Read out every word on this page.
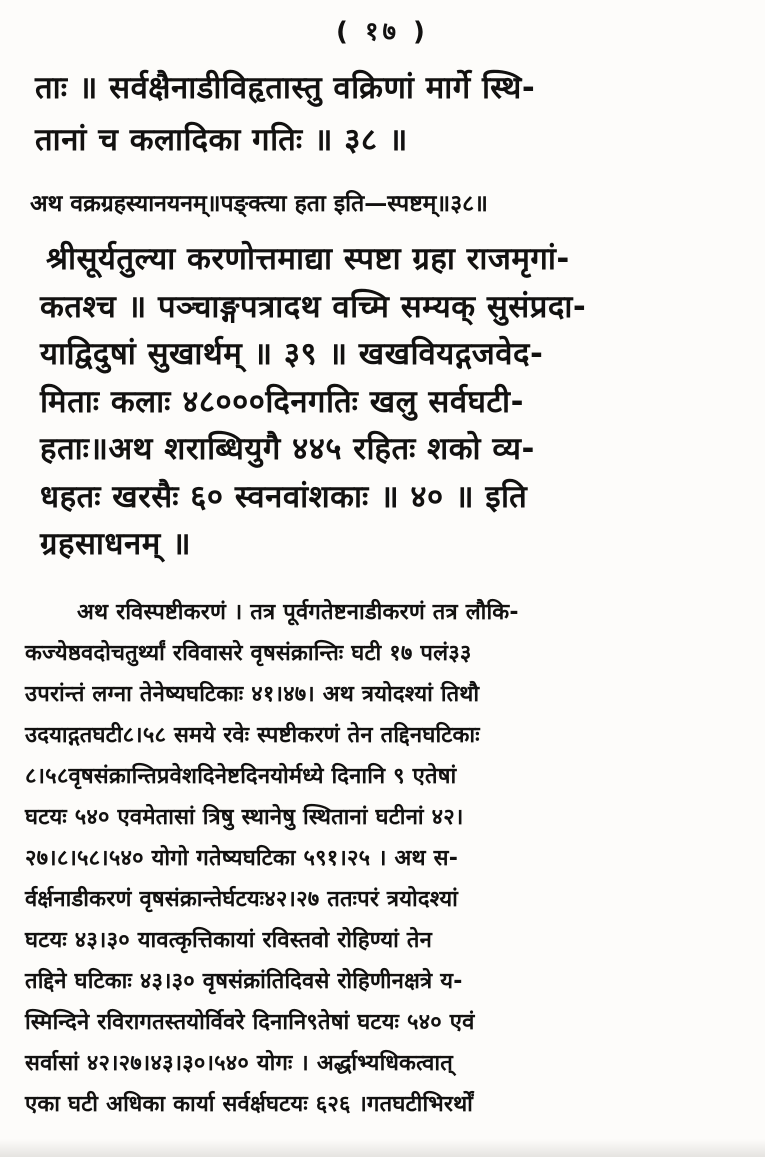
( १७ )
ताः ॥ सर्वक्षैनाडीविहृतास्तु वक्रिणां मार्गे स्थि-
तानां च कलादिका गतिः ॥ ३८ ॥
अथ वक्रग्रहस्यानयनम्॥पङ्क्त्या हता इति—स्पष्टम्॥३८॥
श्रीसूर्यतुल्या करणोत्तमाद्या स्पष्टा ग्रहा राजमृगां-
कतश्च ॥ पञ्चाङ्गपत्रादथ वच्मि सम्यक् सुसंप्रदा-
याद्विदुषां सुखार्थम् ॥ ३९ ॥ खखवियद्गजवेद-
मिताः कलाः ४८०००दिनगतिः खलु सर्वघटी-
हताः॥अथ शराब्धियुगै ४४५ रहितः शको व्य-
धहतः खरसैः ६० स्वनवांशकाः ॥ ४० ॥ इति
ग्रहसाधनम् ॥
अथ रविस्पष्टीकरणं । तत्र पूर्वगतेष्टनाडीकरणं तत्र लौकि-
कज्येष्ठवदोचतुर्थ्यां रविवासरे वृषसंक्रान्तिः घटी १७ पलं३३
उपरांन्तं लग्ना तेनेष्यघटिकाः ४१।४७। अथ त्रयोदश्यां तिथौ
उदयाद्गतघटी८।५८ समये रवेः स्पष्टीकरणं तेन तद्दिनघटिकाः
८।५८वृषसंक्रान्तिप्रवेशदिनेष्टदिनयोर्मध्ये दिनानि ९ एतेषां
घटयः ५४० एवमेतासां त्रिषु स्थानेषु स्थितानां घटीनां ४२।
२७।८।५८।५४० योगो गतेष्यघटिका ५९१।२५ । अथ स-
र्वर्क्षनाडीकरणं वृषसंक्रान्तेर्घटयः४२।२७ ततःपरं त्रयोदश्यां
घटयः ४३।३० यावत्कृत्तिकायां रविस्तवो रोहिण्यां तेन
तद्दिने घटिकाः ४३।३० वृषसंक्रांतिदिवसे रोहिणीनक्षत्रे य-
स्मिन्दिने रविरागतस्तयोर्विवरे दिनानि९तेषां घटयः ५४० एवं
सर्वासां ४२।२७।४३।३०।५४० योगः । अर्द्धाभ्यधिकत्वात्
एका घटी अधिका कार्या सर्वर्क्षघटयः ६२६ ।गतघटीभिरर्थों
